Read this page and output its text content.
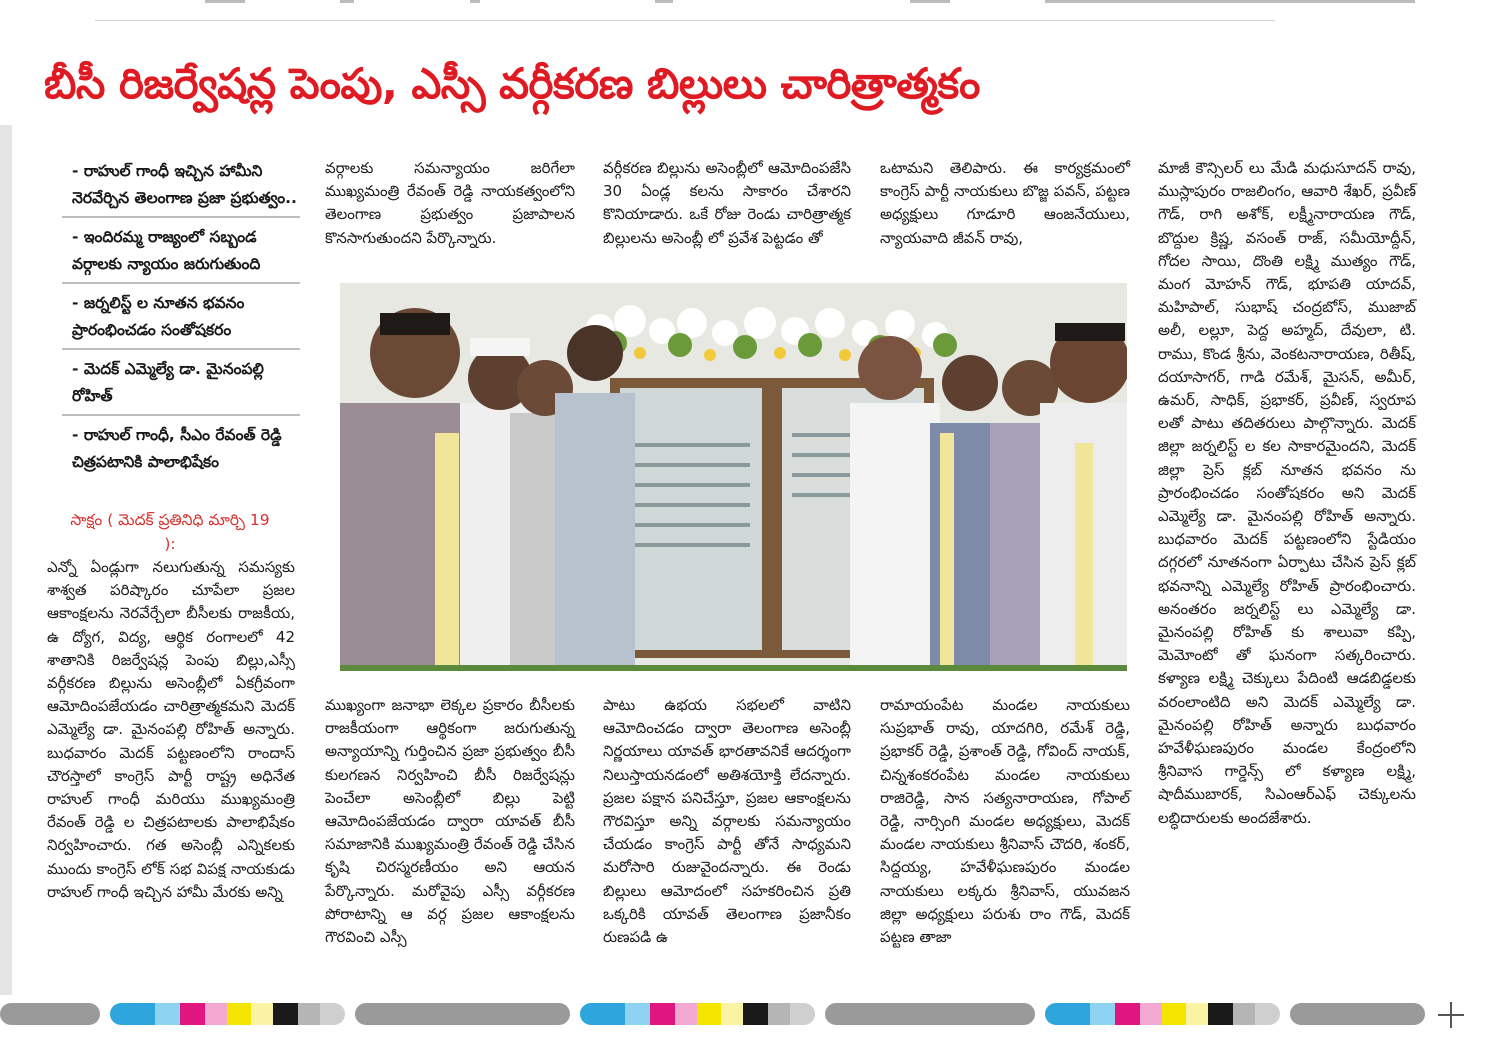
బీసీ రిజర్వేషన్ల పెంపు, ఎస్సీ వర్గీకరణ బిల్లులు చారిత్రాత్మకం
- రాహుల్ గాంధీ ఇచ్చిన హామీని నెరవేర్చిన తెలంగాణ ప్రజా ప్రభుత్వం..
- ఇందిరమ్మ రాజ్యంలో సబ్బండ వర్గాలకు న్యాయం జరుగుతుంది
- జర్నలిస్ట్ ల నూతన భవనం ప్రారంభించడం సంతోషకరం
- మెదక్ ఎమ్మెల్యే డా. మైనంపల్లి రోహిత్
- రాహుల్ గాంధీ, సీఎం రేవంత్ రెడ్డి చిత్రపటానికి పాలాభిషేకం
సాక్షం ( మెదక్ ప్రతినిధి మార్చి 19 ):
ఎన్నో ఏండ్లుగా నలుగుతున్న సమస్యకు శాశ్వత పరిష్కారం చూపేలా ప్రజల ఆకాంక్షలను నెరవేర్చేలా బీసీలకు రాజకీయ, ఉ ద్యోగ, విద్య, ఆర్థిక రంగాలలో 42 శాతానికి రిజర్వేషన్ల పెంపు బిల్లు,ఎస్సీ వర్గీకరణ బిల్లును అసెంబ్లీలో ఏకగ్రీవంగా ఆమోదింపజేయడం చారిత్రాత్మకమని మెదక్ ఎమ్మెల్యే డా. మైనంపల్లి రోహిత్ అన్నారు. బుధవారం మెదక్ పట్టణంలోని రాందాస్ చౌరస్తాలో కాంగ్రెస్ పార్టీ రాష్ట్ర అధినేత రాహుల్ గాంధీ మరియు ముఖ్యమంత్రి రేవంత్ రెడ్డి ల చిత్రపటాలకు పాలాభిషేకం నిర్వహించారు. గత అసెంబ్లీ ఎన్నికలకు ముందు కాంగ్రెస్ లోక్ సభ విపక్ష నాయకుడు రాహుల్ గాంధీ ఇచ్చిన హామీ మేరకు అన్ని
వర్గాలకు సమన్యాయం జరిగేలా ముఖ్యమంత్రి రేవంత్ రెడ్డి నాయకత్వంలోని తెలంగాణ ప్రభుత్వం ప్రజాపాలన కొనసాగుతుందని పేర్కొన్నారు.
వర్గీకరణ బిల్లును అసెంబ్లీలో ఆమోదింపజేసి 30 ఏండ్ల కలను సాకారం చేశారని కొనియాడారు. ఒకే రోజు రెండు చారిత్రాత్మక బిల్లులను అసెంబ్లీ లో ప్రవేశ పెట్టడం తో
ఒటామని తెలిపారు. ఈ కార్యక్రమంలో కాంగ్రెస్ పార్టీ నాయకులు బొజ్జ పవన్, పట్టణ అధ్యక్షులు గూడూరి ఆంజనేయులు, న్యాయవాది జీవన్ రావు,
మాజీ కౌన్సిలర్ లు మేడి మధుసూదన్ రావు, ముస్లాపురం రాజలింగం, ఆవారి శేఖర్, ప్రవీణ్ గౌడ్, రాగి అశోక్, లక్ష్మీనారాయణ గౌడ్, బొద్దుల క్రిష్ణ, వసంత్ రాజ్, సమీయోద్దీన్, గోదల సాయి, దొంతి లక్ష్మి ముత్యం గౌడ్, మంగ మోహన్ గౌడ్, భూపతి యాదవ్, మహిపాల్, సుభాష్ చంద్రబోస్, ముజాబ్ అలీ, లల్లూ, పెద్ద అహ్మద్, దేవులా, టి. రాము, కొండ శ్రీను, వెంకటనారాయణ, రితీష్, దయాసాగర్, గాడి రమేశ్, మైసన్, అమీర్, ఉమర్, సాధిక్, ప్రభాకర్, ప్రవీణ్, స్వరూప లతో పాటు తదితరులు పాల్గొన్నారు. మెదక్ జిల్లా జర్నలిస్ట్ ల కల సాకారమైందని, మెదక్ జిల్లా ప్రెస్ క్లబ్ నూతన భవనం ను ప్రారంభించడం సంతోషకరం అని మెదక్ ఎమ్మెల్యే డా. మైనంపల్లి రోహిత్ అన్నారు. బుధవారం మెదక్ పట్టణంలోని స్టేడియం దగ్గరలో నూతనంగా ఏర్పాటు చేసిన ప్రెస్ క్లబ్ భవనాన్ని ఎమ్మెల్యే రోహిత్ ప్రారంభించారు. అనంతరం జర్నలిస్ట్ లు ఎమ్మెల్యే డా. మైనంపల్లి రోహిత్ కు శాలువా కప్పి, మెమోంటో తో ఘనంగా సత్కరించారు. కళ్యాణ లక్ష్మి చెక్కులు పేదింటి ఆడబిడ్డలకు వరంలాంటిది అని మెదక్ ఎమ్మెల్యే డా. మైనంపల్లి రోహిత్ అన్నారు బుధవారం హవేళీఘణపురం మండల కేంద్రంలోని శ్రీనివాస గార్డెన్స్ లో కళ్యాణ లక్ష్మి, షాదీముబారక్, సిఎంఆర్ఎఫ్ చెక్కులను లబ్ధిదారులకు అందజేశారు.
ముఖ్యంగా జనాభా లెక్కల ప్రకారం బీసీలకు రాజకీయంగా ఆర్థికంగా జరుగుతున్న అన్యాయాన్ని గుర్తించిన ప్రజా ప్రభుత్వం బీసీ కులగణన నిర్వహించి బీసీ రిజర్వేషన్లు పెంచేలా అసెంబ్లీలో బిల్లు పెట్టి ఆమోదింపజేయడం ద్వారా యావత్ బీసీ సమాజానికి ముఖ్యమంత్రి రేవంత్ రెడ్డి చేసిన కృషి చిరస్మరణీయం అని ఆయన పేర్కొన్నారు. మరోవైపు ఎస్సీ వర్గీకరణ పోరాటాన్ని ఆ వర్గ ప్రజల ఆకాంక్షలను గౌరవించి ఎస్సీ
పాటు ఉభయ సభలలో వాటిని ఆమోదించడం ద్వారా తెలంగాణ అసెంబ్లీ నిర్ణయాలు యావత్ భారతావనికే ఆదర్శంగా నిలుస్తాయనడంలో అతిశయోక్తి లేదన్నారు. ప్రజల పక్షాన పనిచేస్తూ, ప్రజల ఆకాంక్షలను గౌరవిస్తూ అన్ని వర్గాలకు సమన్యాయం చేయడం కాంగ్రెస్ పార్టీ తోనే సాధ్యమని మరోసారి రుజువైందన్నారు. ఈ రెండు బిల్లులు ఆమోదంలో సహకరించిన ప్రతి ఒక్కరికి యావత్ తెలంగాణ ప్రజానీకం రుణపడి ఉ
రామాయంపేట మండల నాయకులు సుప్రభాత్ రావు, యాదగిరి, రమేశ్ రెడ్డి, ప్రభాకర్ రెడ్డి, ప్రశాంత్ రెడ్డి, గోవింద్ నాయక్, చిన్నశంకరంపేట మండల నాయకులు రాజిరెడ్డి, సాన సత్యనారాయణ, గోపాల్ రెడ్డి, నార్సింగి మండల అధ్యక్షులు, మెదక్ మండల నాయకులు శ్రీనివాస్ చౌదరి, శంకర్, సిద్దయ్య, హవేళీఘణపురం మండల నాయకులు లక్కరు శ్రీనివాస్, యువజన జిల్లా అధ్యక్షులు పరుశు రాం గౌడ్, మెదక్ పట్టణ తాజా
